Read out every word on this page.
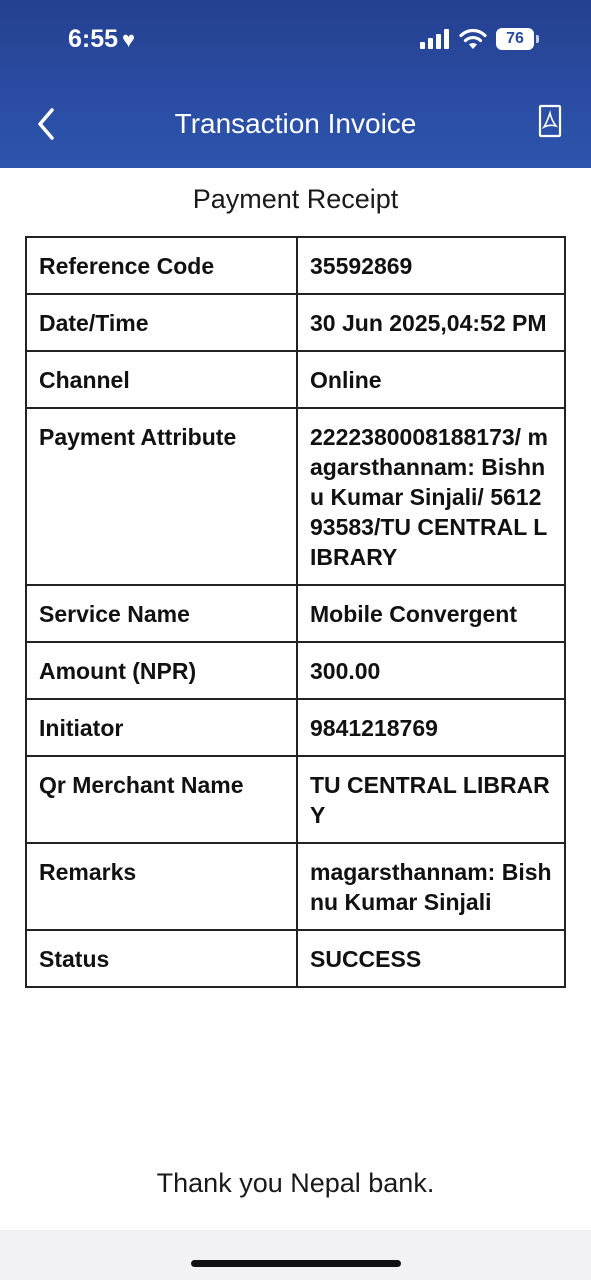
6:55 ♥	76
Transaction Invoice
Payment Receipt
Reference Code	35592869
Date/Time	30 Jun 2025,04:52 PM
Channel	Online
Payment Attribute	2222380008188173/ magarsthannam: Bishnu Kumar Sinjali/ 561293583/TU CENTRAL LIBRARY
Service Name	Mobile Convergent
Amount (NPR)	300.00
Initiator	9841218769
Qr Merchant Name	TU CENTRAL LIBRARY
Remarks	magarsthannam: Bishnu Kumar Sinjali
Status	SUCCESS
Thank you Nepal bank.
